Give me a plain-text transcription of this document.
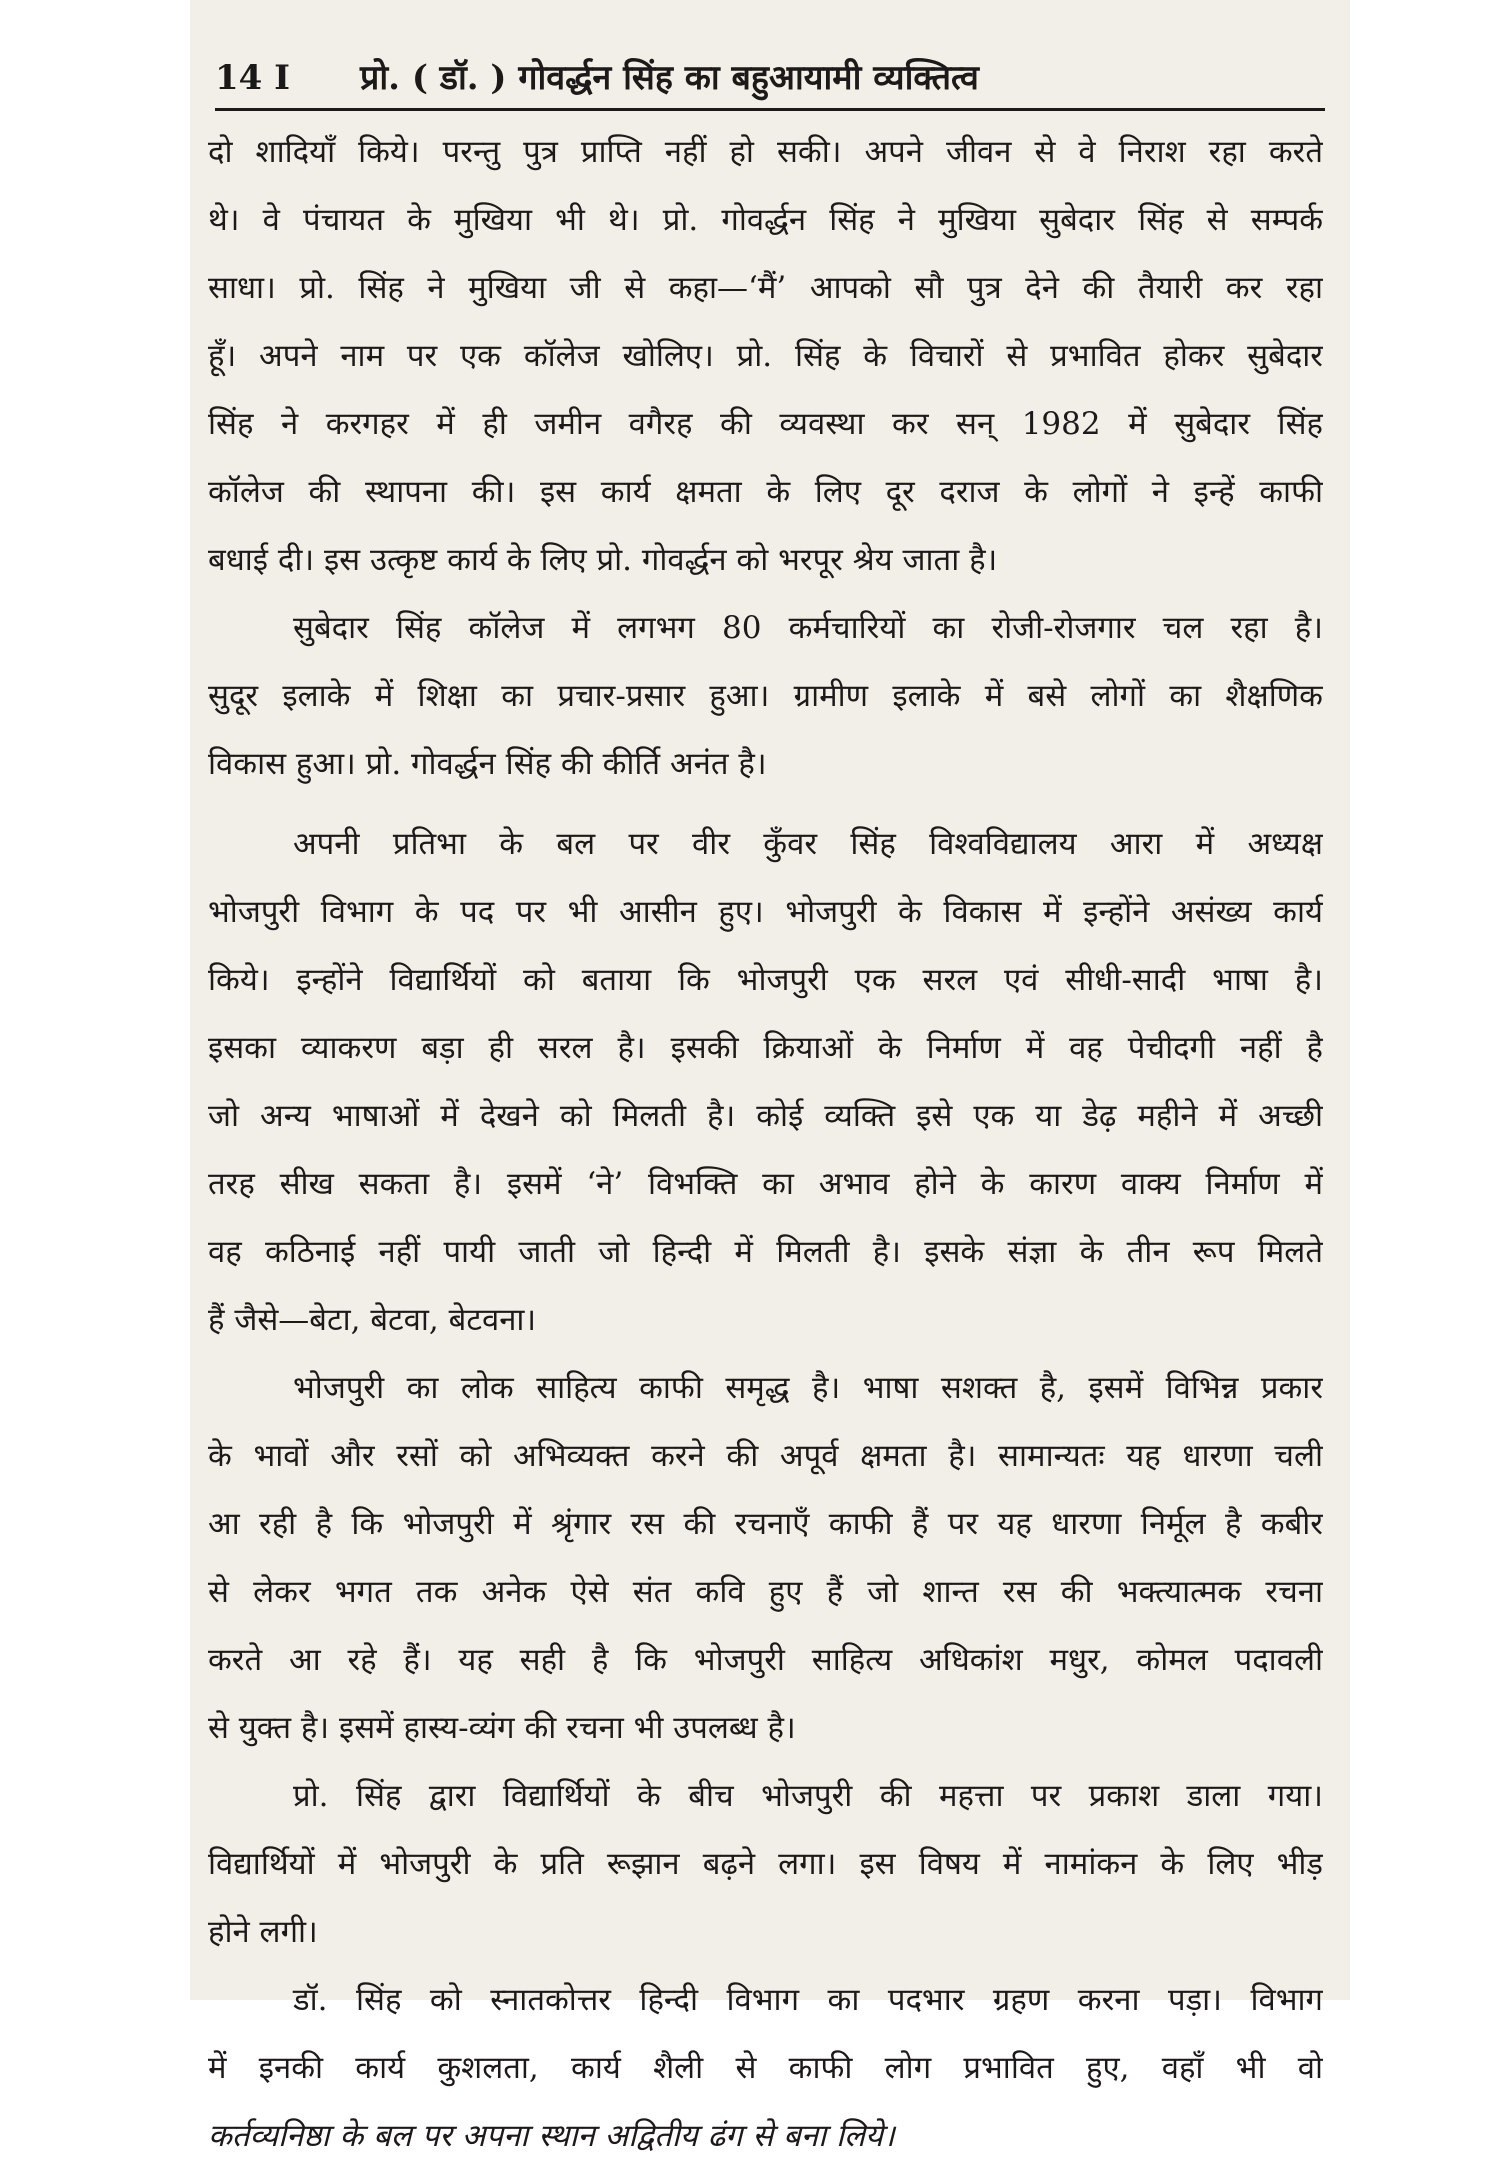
14 I प्रो. ( डॉ. ) गोवर्द्धन सिंह का बहुआयामी व्यक्तित्व
दो शादियाँ किये। परन्तु पुत्र प्राप्ति नहीं हो सकी। अपने जीवन से वे निराश रहा करते
थे। वे पंचायत के मुखिया भी थे। प्रो. गोवर्द्धन सिंह ने मुखिया सुबेदार सिंह से सम्पर्क
साधा। प्रो. सिंह ने मुखिया जी से कहा—‘मैं’ आपको सौ पुत्र देने की तैयारी कर रहा
हूँ। अपने नाम पर एक कॉलेज खोलिए। प्रो. सिंह के विचारों से प्रभावित होकर सुबेदार
सिंह ने करगहर में ही जमीन वगैरह की व्यवस्था कर सन् 1982 में सुबेदार सिंह
कॉलेज की स्थापना की। इस कार्य क्षमता के लिए दूर दराज के लोगों ने इन्हें काफी
बधाई दी। इस उत्कृष्ट कार्य के लिए प्रो. गोवर्द्धन को भरपूर श्रेय जाता है।
सुबेदार सिंह कॉलेज में लगभग 80 कर्मचारियों का रोजी-रोजगार चल रहा है।
सुदूर इलाके में शिक्षा का प्रचार-प्रसार हुआ। ग्रामीण इलाके में बसे लोगों का शैक्षणिक
विकास हुआ। प्रो. गोवर्द्धन सिंह की कीर्ति अनंत है।
अपनी प्रतिभा के बल पर वीर कुँवर सिंह विश्वविद्यालय आरा में अध्यक्ष
भोजपुरी विभाग के पद पर भी आसीन हुए। भोजपुरी के विकास में इन्होंने असंख्य कार्य
किये। इन्होंने विद्यार्थियों को बताया कि भोजपुरी एक सरल एवं सीधी-सादी भाषा है।
इसका व्याकरण बड़ा ही सरल है। इसकी क्रियाओं के निर्माण में वह पेचीदगी नहीं है
जो अन्य भाषाओं में देखने को मिलती है। कोई व्यक्ति इसे एक या डेढ़ महीने में अच्छी
तरह सीख सकता है। इसमें ‘ने’ विभक्ति का अभाव होने के कारण वाक्य निर्माण में
वह कठिनाई नहीं पायी जाती जो हिन्दी में मिलती है। इसके संज्ञा के तीन रूप मिलते
हैं जैसे—बेटा, बेटवा, बेटवना।
भोजपुरी का लोक साहित्य काफी समृद्ध है। भाषा सशक्त है, इसमें विभिन्न प्रकार
के भावों और रसों को अभिव्यक्त करने की अपूर्व क्षमता है। सामान्यतः यह धारणा चली
आ रही है कि भोजपुरी में श्रृंगार रस की रचनाएँ काफी हैं पर यह धारणा निर्मूल है कबीर
से लेकर भगत तक अनेक ऐसे संत कवि हुए हैं जो शान्त रस की भक्त्यात्मक रचना
करते आ रहे हैं। यह सही है कि भोजपुरी साहित्य अधिकांश मधुर, कोमल पदावली
से युक्त है। इसमें हास्य-व्यंग की रचना भी उपलब्ध है।
प्रो. सिंह द्वारा विद्यार्थियों के बीच भोजपुरी की महत्ता पर प्रकाश डाला गया।
विद्यार्थियों में भोजपुरी के प्रति रूझान बढ़ने लगा। इस विषय में नामांकन के लिए भीड़
होने लगी।
डॉ. सिंह को स्नातकोत्तर हिन्दी विभाग का पदभार ग्रहण करना पड़ा। विभाग
में इनकी कार्य कुशलता, कार्य शैली से काफी लोग प्रभावित हुए, वहाँ भी वो
कर्तव्यनिष्ठा के बल पर अपना स्थान अद्वितीय ढंग से बना लिये।
